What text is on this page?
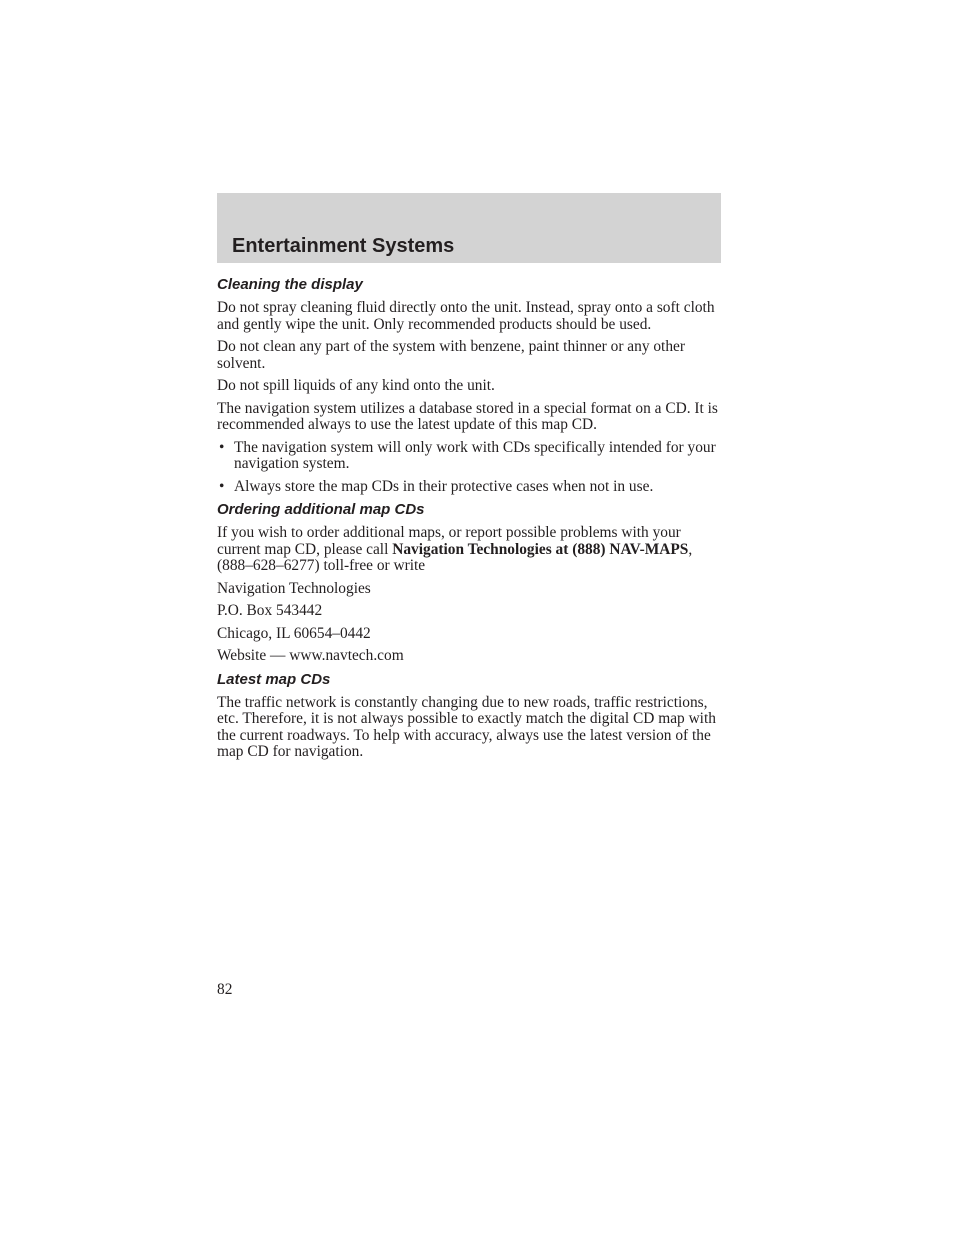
Entertainment Systems
Cleaning the display

Do not spray cleaning fluid directly onto the unit. Instead, spray onto a soft cloth and gently wipe the unit. Only recommended products should be used.

Do not clean any part of the system with benzene, paint thinner or any other solvent.

Do not spill liquids of any kind onto the unit.

The navigation system utilizes a database stored in a special format on a CD. It is recommended always to use the latest update of this map CD.

• The navigation system will only work with CDs specifically intended for your navigation system.
• Always store the map CDs in their protective cases when not in use.
Ordering additional map CDs

If you wish to order additional maps, or report possible problems with your current map CD, please call Navigation Technologies at (888) NAV-MAPS, (888–628–6277) toll-free or write

Navigation Technologies
P.O. Box 543442
Chicago, IL 60654–0442
Website — www.navtech.com
Latest map CDs

The traffic network is constantly changing due to new roads, traffic restrictions, etc. Therefore, it is not always possible to exactly match the digital CD map with the current roadways. To help with accuracy, always use the latest version of the map CD for navigation.

82
